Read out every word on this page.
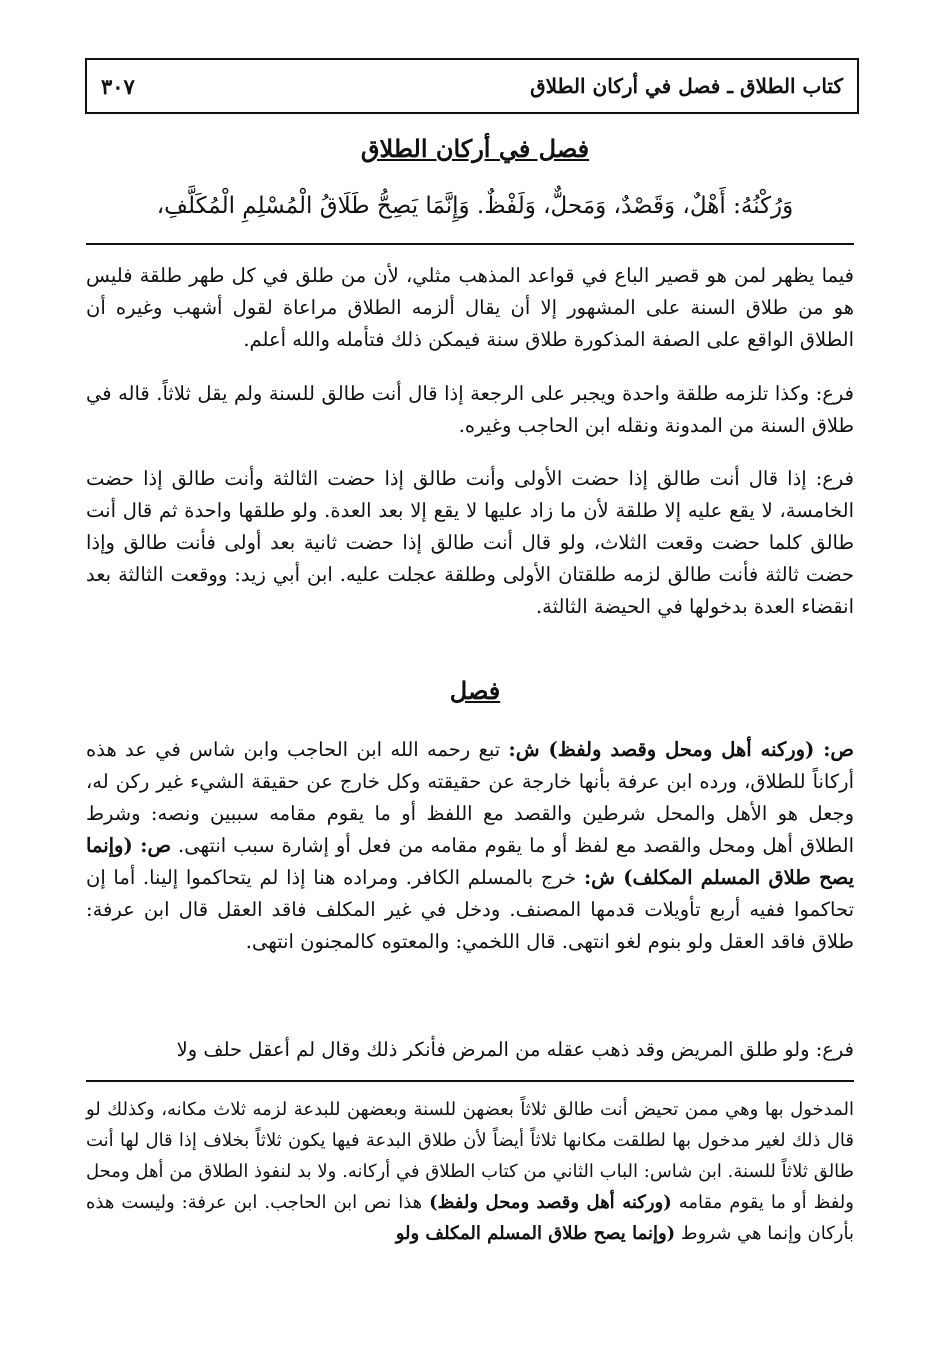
كتاب الطلاق ـ فصل في أركان الطلاق
٣٠٧
فصل في أركان الطلاق
وَرُكْنُهُ: أَهْلٌ، وَقَصْدٌ، وَمَحلٌّ، وَلَفْظٌ. وَإِنَّمَا يَصِحُّ طَلَاقُ الْمُسْلِمِ الْمُكَلَّفِ،

فيما يظهر لمن هو قصير الباع في قواعد المذهب مثلي، لأن من طلق في كل طهر طلقة فليس هو من طلاق السنة على المشهور إلا أن يقال ألزمه الطلاق مراعاة لقول أشهب وغيره أن الطلاق الواقع على الصفة المذكورة طلاق سنة فيمكن ذلك فتأمله والله أعلم.

فرع: وكذا تلزمه طلقة واحدة ويجبر على الرجعة إذا قال أنت طالق للسنة ولم يقل ثلاثاً. قاله في طلاق السنة من المدونة ونقله ابن الحاجب وغيره.

فرع: إذا قال أنت طالق إذا حضت الأولى وأنت طالق إذا حضت الثالثة وأنت طالق إذا حضت الخامسة، لا يقع عليه إلا طلقة لأن ما زاد عليها لا يقع إلا بعد العدة. ولو طلقها واحدة ثم قال أنت طالق كلما حضت وقعت الثلاث، ولو قال أنت طالق إذا حضت ثانية بعد أولى فأنت طالق وإذا حضت ثالثة فأنت طالق لزمه طلقتان الأولى وطلقة عجلت عليه. ابن أبي زيد: ووقعت الثالثة بعد انقضاء العدة بدخولها في الحيضة الثالثة.

فصل

ص: (وركنه أهل ومحل وقصد ولفظ) ش: تبع رحمه الله ابن الحاجب وابن شاس في عد هذه أركاناً للطلاق، ورده ابن عرفة بأنها خارجة عن حقيقته وكل خارج عن حقيقة الشيء غير ركن له، وجعل هو الأهل والمحل شرطين والقصد مع اللفظ أو ما يقوم مقامه سببين ونصه: وشرط الطلاق أهل ومحل والقصد مع لفظ أو ما يقوم مقامه من فعل أو إشارة سبب انتهى. ص: (وإنما يصح طلاق المسلم المكلف) ش: خرج بالمسلم الكافر. ومراده هنا إذا لم يتحاكموا إلينا. أما إن تحاكموا ففيه أربع تأويلات قدمها المصنف. ودخل في غير المكلف فاقد العقل قال ابن عرفة: طلاق فاقد العقل ولو بنوم لغو انتهى. قال اللخمي: والمعتوه كالمجنون انتهى.

فرع: ولو طلق المريض وقد ذهب عقله من المرض فأنكر ذلك وقال لم أعقل حلف ولا

المدخول بها وهي ممن تحيض أنت طالق ثلاثاً بعضهن للسنة وبعضهن للبدعة لزمه ثلاث مكانه، وكذلك لو قال ذلك لغير مدخول بها لطلقت مكانها ثلاثاً أيضاً لأن طلاق البدعة فيها يكون ثلاثاً بخلاف إذا قال لها أنت طالق ثلاثاً للسنة. ابن شاس: الباب الثاني من كتاب الطلاق في أركانه. ولا بد لنفوذ الطلاق من أهل ومحل ولفظ أو ما يقوم مقامه (وركنه أهل وقصد ومحل ولفظ) هذا نص ابن الحاجب. ابن عرفة: وليست هذه بأركان وإنما هي شروط (وإنما يصح طلاق المسلم المكلف ولو
